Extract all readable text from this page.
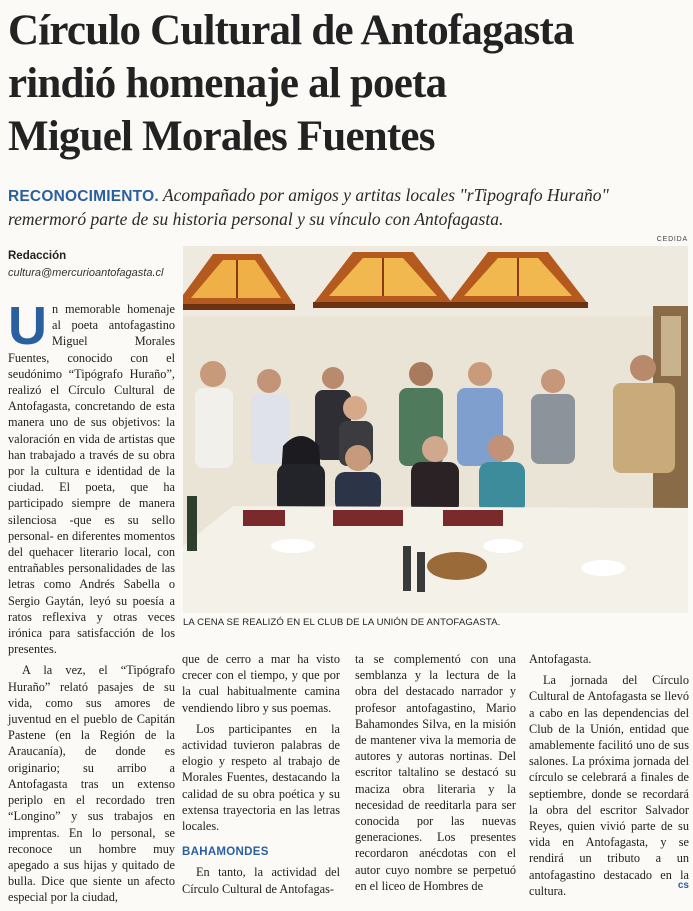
Círculo Cultural de Antofagasta
rindió homenaje al poeta
Miguel Morales Fuentes
RECONOCIMIENTO. Acompañado por amigos y artitas locales "rTipografo Huraño" remermoró parte de su historia personal y su vínculo con Antofagasta.
Redacción
cultura@mercurioantofagasta.cl
CEDIDA
LA CENA SE REALIZÓ EN EL CLUB DE LA UNIÓN DE ANTOFAGASTA.

Un memorable homenaje al poeta antofagastino Miguel Morales Fuentes, conocido con el seudónimo “Tipógrafo Huraño”, realizó el Círculo Cultural de Antofagasta, concretando de esta manera uno de sus objetivos: la valoración en vida de artistas que han trabajado a través de su obra por la cultura e identidad de la ciudad. El poeta, que ha participado siempre de manera silenciosa -que es su sello personal- en diferentes momentos del quehacer literario local, con entrañables personalidades de las letras como Andrés Sabella o Sergio Gaytán, leyó su poesía a ratos reflexiva y otras veces irónica para satisfacción de los presentes.

A la vez, el “Tipógrafo Huraño” relató pasajes de su vida, como sus amores de juventud en el pueblo de Capitán Pastene (en la Región de la Araucanía), de donde es originario; su arribo a Antofagasta tras un extenso periplo en el recordado tren “Longino” y sus trabajos en imprentas. En lo personal, se reconoce un hombre muy apegado a sus hijas y quitado de bulla. Dice que siente un afecto especial por la ciudad,

que de cerro a mar ha visto crecer con el tiempo, y que por la cual habitualmente camina vendiendo libro y sus poemas.

Los participantes en la actividad tuvieron palabras de elogio y respeto al trabajo de Morales Fuentes, destacando la calidad de su obra poética y su extensa trayectoria en las letras locales.

BAHAMONDES

En tanto, la actividad del Círculo Cultural de Antofagas-

ta se complementó con una semblanza y la lectura de la obra del destacado narrador y profesor antofagastino, Mario Bahamondes Silva, en la misión de mantener viva la memoria de autores y autoras nortinas. Del escritor taltalino se destacó su maciza obra literaria y la necesidad de reeditarla para ser conocida por las nuevas generaciones. Los presentes recordaron anécdotas con el autor cuyo nombre se perpetuó en el liceo de Hombres de

Antofagasta.

La jornada del Círculo Cultural de Antofagasta se llevó a cabo en las dependencias del Club de la Unión, entidad que amablemente facilitó uno de sus salones. La próxima jornada del círculo se celebrará a finales de septiembre, donde se recordará la obra del escritor Salvador Reyes, quien vivió parte de su vida en Antofagasta, y se rendirá un tributo a un antofagastino destacado en la cultura.	cs
